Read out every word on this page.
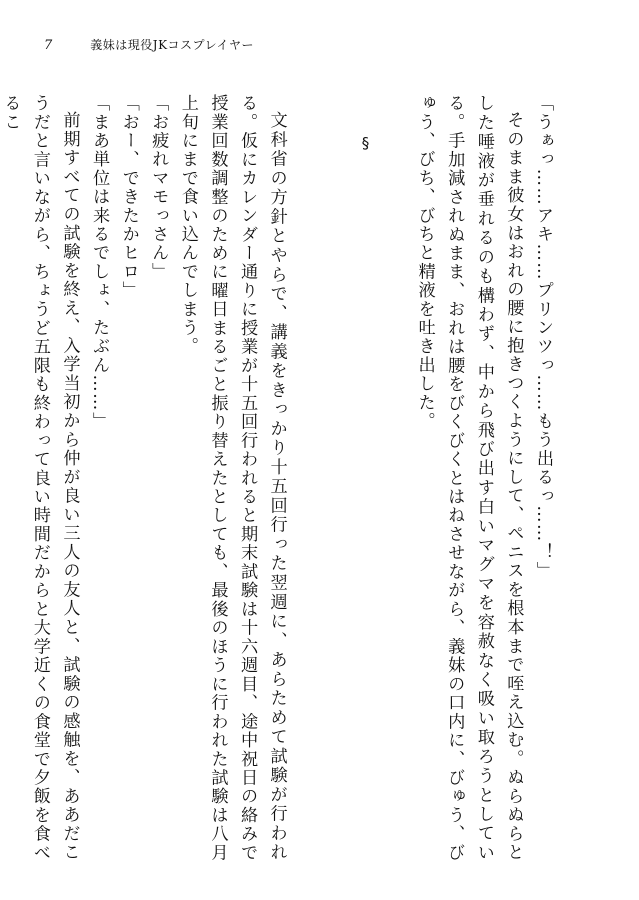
7	義妹は現役JKコスプレイヤー

「うぁっ……アキ……プリンツっ……もう出るっ……！」

そのまま彼女はおれの腰に抱きつくようにして、ペニスを根本まで咥え込む。ぬらぬらとした唾液が垂れるのも構わず、中から飛び出す白いマグマを容赦なく吸い取ろうとしている。手加減されぬまま、おれは腰をびくびくとはねさせながら、義妹の口内に、びゅう、びゅう、びち、びちと精液を吐き出した。

§

文科省の方針とやらで、講義をきっかり十五回行った翌週に、あらためて試験が行われる。仮にカレンダー通りに授業が十五回行われると期末試験は十六週目、途中祝日の絡みで授業回数調整のために曜日まるごと振り替えたとしても、最後のほうに行われた試験は八月上旬にまで食い込んでしまう。

「お疲れマモっさん」

「おー、できたかヒロ」

「まあ単位は来るでしょ、たぶん……」

前期すべての試験を終え、入学当初から仲が良い三人の友人と、試験の感触を、ああだこうだと言いながら、ちょうど五限も終わって良い時間だからと大学近くの食堂で夕飯を食べるこ
